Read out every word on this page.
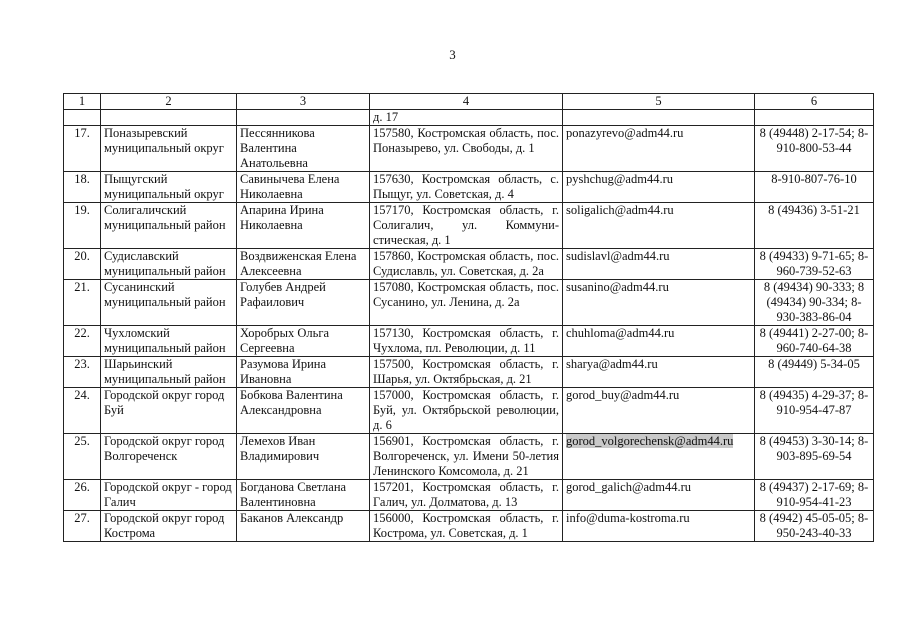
3
1	2	3	4	5	6
			д. 17		
17.	Поназыревский муниципальный округ	Пессянникова Валентина Анатольевна	157580, Костромская область, пос. Поназырево, ул. Свободы, д. 1	ponazyrevo@adm44.ru	8 (49448) 2-17-54; 8-910-800-53-44
18.	Пыщугский муниципальный округ	Савинычева Елена Николаевна	157630, Костромская область, с. Пыщуг, ул. Советская, д. 4	pyshchug@adm44.ru	8-910-807-76-10
19.	Солигаличский муниципальный район	Апарина Ирина Николаевна	157170, Костромская область, г. Солигалич, ул. Коммуни-стическая, д. 1	soligalich@adm44.ru	8 (49436) 3-51-21
20.	Судиславский муниципальный район	Воздвиженская Елена Алексеевна	157860, Костромская область, пос. Судиславль, ул. Советская, д. 2а	sudislavl@adm44.ru	8 (49433) 9-71-65; 8-960-739-52-63
21.	Сусанинский муниципальный район	Голубев Андрей Рафаилович	157080, Костромская область, пос. Сусанино, ул. Ленина, д. 2а	susanino@adm44.ru	8 (49434) 90-333; 8 (49434) 90-334; 8-930-383-86-04
22.	Чухломский муниципальный район	Хоробрых Ольга Сергеевна	157130, Костромская область, г. Чухлома, пл. Революции, д. 11	chuhloma@adm44.ru	8 (49441) 2-27-00; 8-960-740-64-38
23.	Шарьинский муниципальный район	Разумова Ирина Ивановна	157500, Костромская область, г. Шарья, ул. Октябрьская, д. 21	sharya@adm44.ru	8 (49449) 5-34-05
24.	Городской округ город Буй	Бобкова Валентина Александровна	157000, Костромская область, г. Буй, ул. Октябрьской революции, д. 6	gorod_buy@adm44.ru	8 (49435) 4-29-37; 8-910-954-47-87
25.	Городской округ город Волгореченск	Лемехов Иван Владимирович	156901, Костромская область, г. Волгореченск, ул. Имени 50-летия Ленинского Комсомола, д. 21	gorod_volgorechensk@adm44.ru	8 (49453) 3-30-14; 8-903-895-69-54
26.	Городской округ - город Галич	Богданова Светлана Валентиновна	157201, Костромская область, г. Галич, ул. Долматова, д. 13	gorod_galich@adm44.ru	8 (49437) 2-17-69; 8-910-954-41-23
27.	Городской округ город Кострома	Баканов Александр	156000, Костромская область, г. Кострома, ул. Советская, д. 1	info@duma-kostroma.ru	8 (4942) 45-05-05; 8-950-243-40-33
